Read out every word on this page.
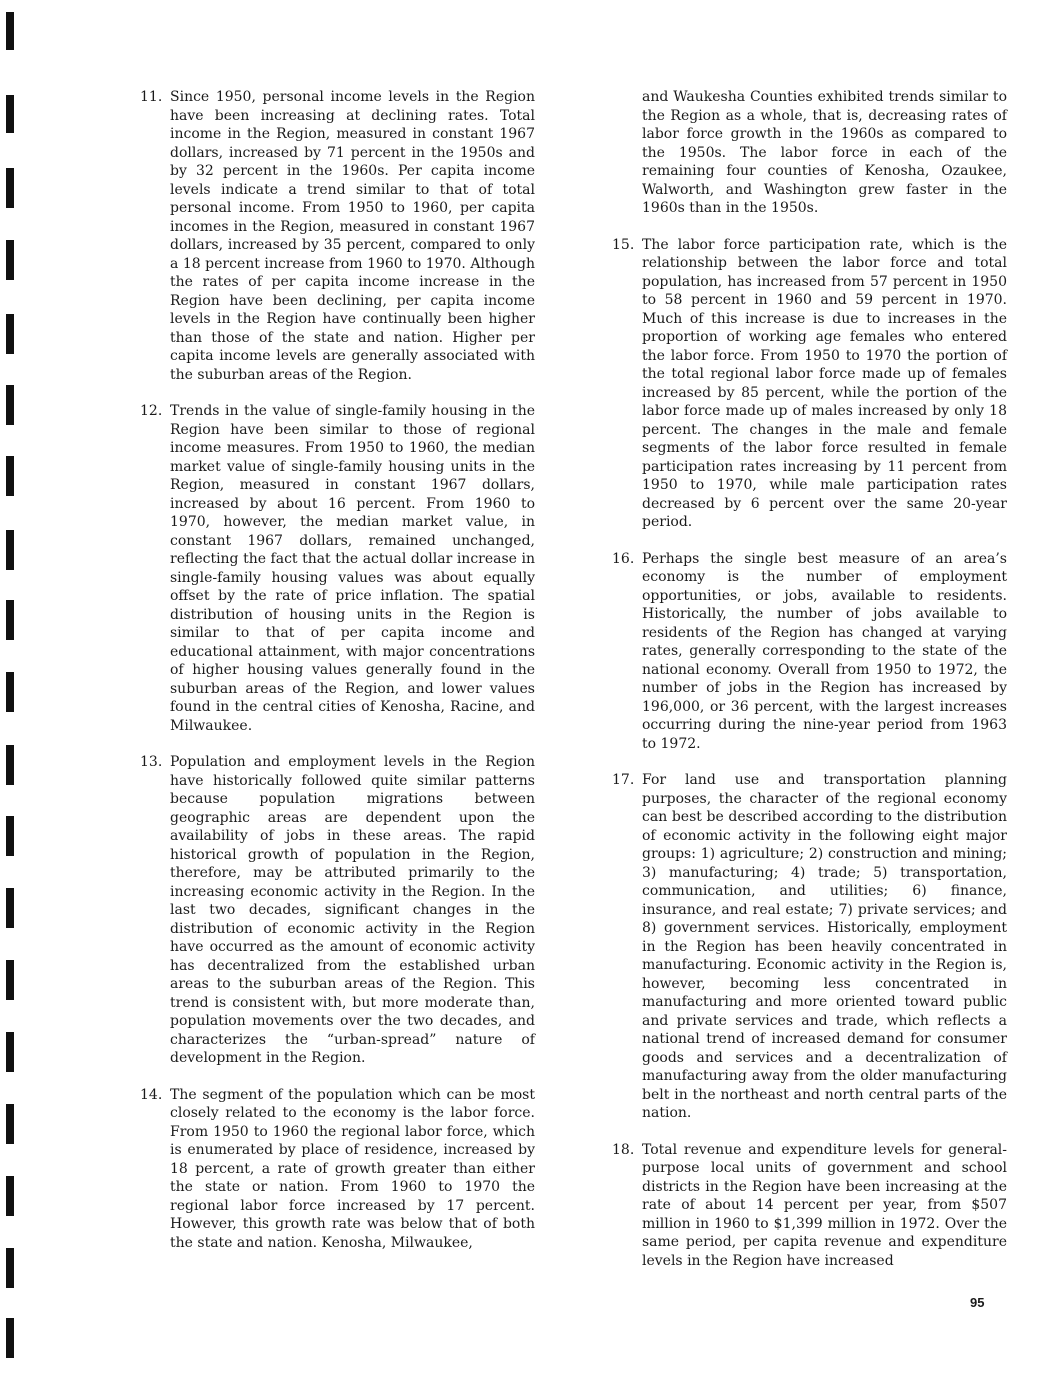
11. Since 1950, personal income levels in the Region have been increasing at declining rates. Total income in the Region, measured in constant 1967 dollars, increased by 71 percent in the 1950s and by 32 percent in the 1960s. Per capita income levels indicate a trend similar to that of total personal income. From 1950 to 1960, per capita incomes in the Region, measured in constant 1967 dollars, increased by 35 percent, compared to only a 18 percent increase from 1960 to 1970. Although the rates of per capita income increase in the Region have been declining, per capita income levels in the Region have continually been higher than those of the state and nation. Higher per capita income levels are generally associated with the suburban areas of the Region.
12. Trends in the value of single-family housing in the Region have been similar to those of regional income measures. From 1950 to 1960, the median market value of single-family housing units in the Region, measured in constant 1967 dollars, increased by about 16 percent. From 1960 to 1970, however, the median market value, in constant 1967 dollars, remained unchanged, reflecting the fact that the actual dollar increase in single-family housing values was about equally offset by the rate of price inflation. The spatial distribution of housing units in the Region is similar to that of per capita income and educational attainment, with major concentrations of higher housing values generally found in the suburban areas of the Region, and lower values found in the central cities of Kenosha, Racine, and Milwaukee.
13. Population and employment levels in the Region have historically followed quite similar patterns because population migrations between geographic areas are dependent upon the availability of jobs in these areas. The rapid historical growth of population in the Region, therefore, may be attributed primarily to the increasing economic activity in the Region. In the last two decades, significant changes in the distribution of economic activity in the Region have occurred as the amount of economic activity has decentralized from the established urban areas to the suburban areas of the Region. This trend is consistent with, but more moderate than, population movements over the two decades, and characterizes the “urban-spread” nature of development in the Region.
14. The segment of the population which can be most closely related to the economy is the labor force. From 1950 to 1960 the regional labor force, which is enumerated by place of residence, increased by 18 percent, a rate of growth greater than either the state or nation. From 1960 to 1970 the regional labor force increased by 17 percent. However, this growth rate was below that of both the state and nation. Kenosha, Milwaukee,
and Waukesha Counties exhibited trends similar to the Region as a whole, that is, decreasing rates of labor force growth in the 1960s as compared to the 1950s. The labor force in each of the remaining four counties of Kenosha, Ozaukee, Walworth, and Washington grew faster in the 1960s than in the 1950s.
15. The labor force participation rate, which is the relationship between the labor force and total population, has increased from 57 percent in 1950 to 58 percent in 1960 and 59 percent in 1970. Much of this increase is due to increases in the proportion of working age females who entered the labor force. From 1950 to 1970 the portion of the total regional labor force made up of females increased by 85 percent, while the portion of the labor force made up of males increased by only 18 percent. The changes in the male and female segments of the labor force resulted in female participation rates increasing by 11 percent from 1950 to 1970, while male participation rates decreased by 6 percent over the same 20-year period.
16. Perhaps the single best measure of an area’s economy is the number of employment opportunities, or jobs, available to residents. Historically, the number of jobs available to residents of the Region has changed at varying rates, generally corresponding to the state of the national economy. Overall from 1950 to 1972, the number of jobs in the Region has increased by 196,000, or 36 percent, with the largest increases occurring during the nine-year period from 1963 to 1972.
17. For land use and transportation planning purposes, the character of the regional economy can best be described according to the distribution of economic activity in the following eight major groups: 1) agriculture; 2) construction and mining; 3) manufacturing; 4) trade; 5) transportation, communication, and utilities; 6) finance, insurance, and real estate; 7) private services; and 8) government services. Historically, employment in the Region has been heavily concentrated in manufacturing. Economic activity in the Region is, however, becoming less concentrated in manufacturing and more oriented toward public and private services and trade, which reflects a national trend of increased demand for consumer goods and services and a decentralization of manufacturing away from the older manufacturing belt in the northeast and north central parts of the nation.
18. Total revenue and expenditure levels for general-purpose local units of government and school districts in the Region have been increasing at the rate of about 14 percent per year, from $507 million in 1960 to $1,399 million in 1972. Over the same period, per capita revenue and expenditure levels in the Region have increased
95
